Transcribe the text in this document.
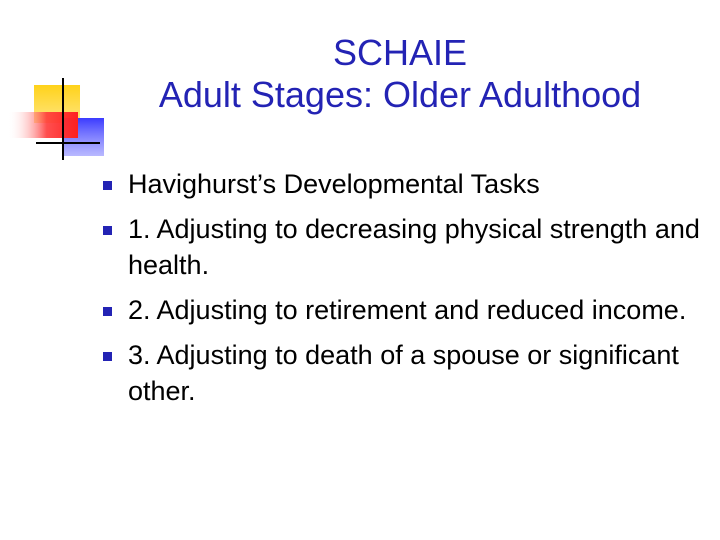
SCHAIE
Adult Stages: Older Adulthood
Havighurst’s Developmental Tasks
1. Adjusting to decreasing physical strength and health.
2. Adjusting to retirement and reduced income.
3. Adjusting to death of a spouse or significant other.
